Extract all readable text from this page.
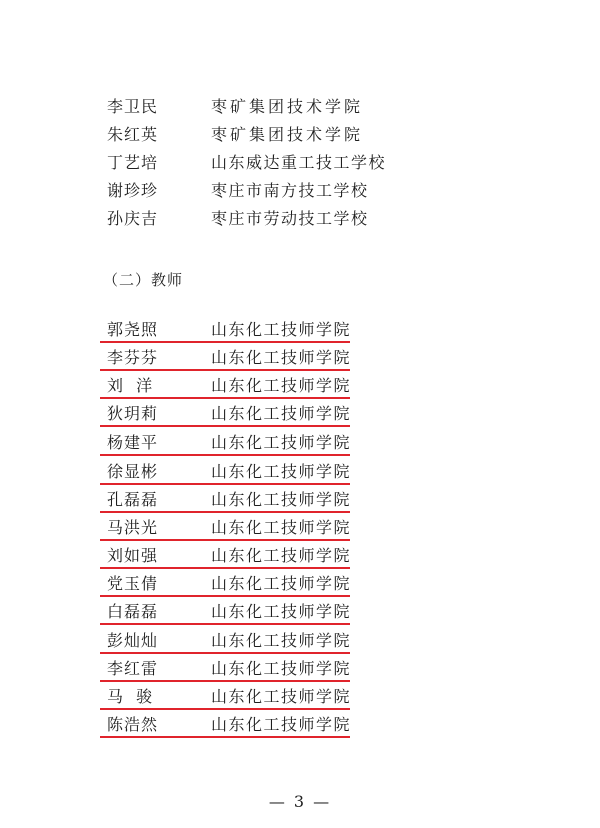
李卫民	枣矿集团技术学院
朱红英	枣矿集团技术学院
丁艺培	山东威达重工技工学校
谢珍珍	枣庄市南方技工学校
孙庆吉	枣庄市劳动技工学校
（二）教师
郭尧照	山东化工技师学院
李芬芬	山东化工技师学院
刘  洋	山东化工技师学院
狄玥莉	山东化工技师学院
杨建平	山东化工技师学院
徐显彬	山东化工技师学院
孔磊磊	山东化工技师学院
马洪光	山东化工技师学院
刘如强	山东化工技师学院
党玉倩	山东化工技师学院
白磊磊	山东化工技师学院
彭灿灿	山东化工技师学院
李红雷	山东化工技师学院
马  骏	山东化工技师学院
陈浩然	山东化工技师学院
— 3 —
